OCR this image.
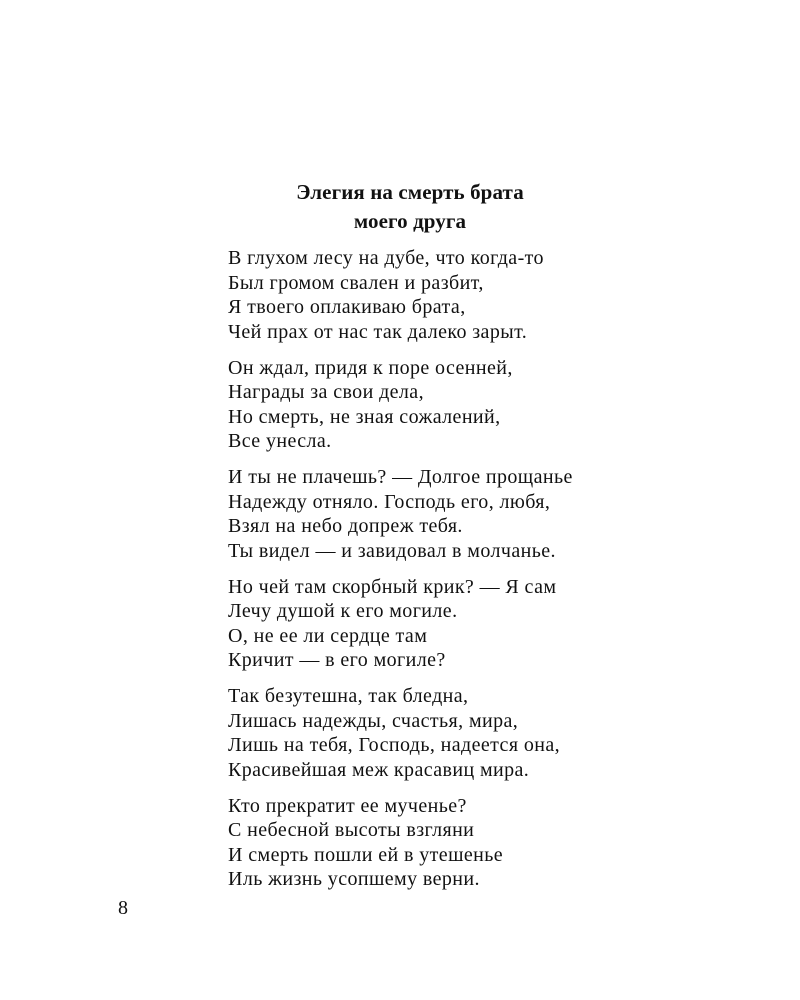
Элегия на смерть брата
моего друга
В глухом лесу на дубе, что когда-то
Был громом свален и разбит,
Я твоего оплакиваю брата,
Чей прах от нас так далеко зарыт.
Он ждал, придя к поре осенней,
Награды за свои дела,
Но смерть, не зная сожалений,
Все унесла.
И ты не плачешь? — Долгое прощанье
Надежду отняло. Господь его, любя,
Взял на небо допреж тебя.
Ты видел — и завидовал в молчанье.
Но чей там скорбный крик? — Я сам
Лечу душой к его могиле.
О, не ее ли сердце там
Кричит — в его могиле?
Так безутешна, так бледна,
Лишась надежды, счастья, мира,
Лишь на тебя, Господь, надеется она,
Красивейшая меж красавиц мира.
Кто прекратит ее мученье?
С небесной высоты взгляни
И смерть пошли ей в утешенье
Иль жизнь усопшему верни.
8
